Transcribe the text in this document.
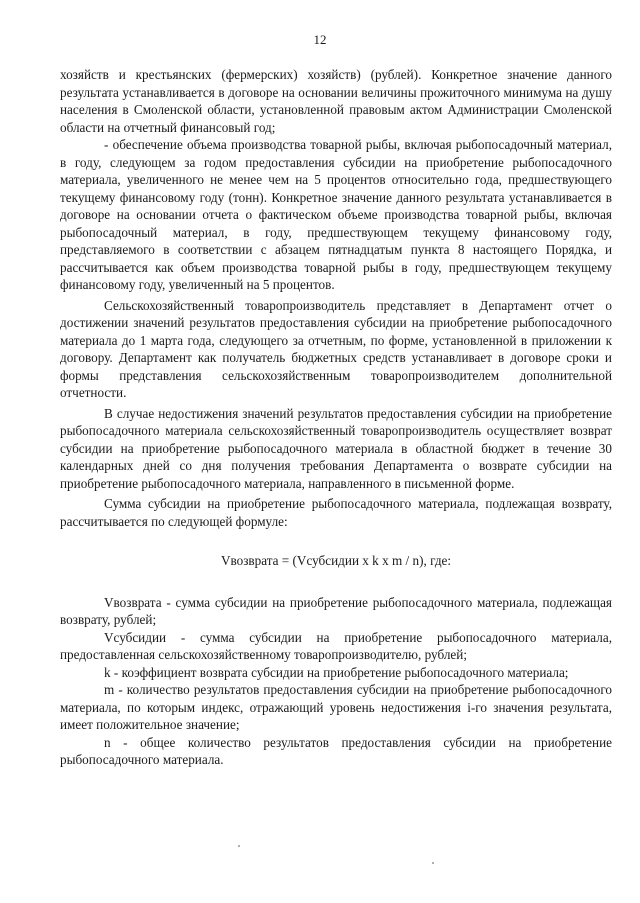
12

хозяйств и крестьянских (фермерских) хозяйств) (рублей). Конкретное значение данного результата устанавливается в договоре на основании величины прожиточного минимума на душу населения в Смоленской области, установленной правовым актом Администрации Смоленской области на отчетный финансовый год;

- обеспечение объема производства товарной рыбы, включая рыбопосадочный материал, в году, следующем за годом предоставления субсидии на приобретение рыбопосадочного материала, увеличенного не менее чем на 5 процентов относительно года, предшествующего текущему финансовому году (тонн). Конкретное значение данного результата устанавливается в договоре на основании отчета о фактическом объеме производства товарной рыбы, включая рыбопосадочный материал, в году, предшествующем текущему финансовому году, представляемого в соответствии с абзацем пятнадцатым пункта 8 настоящего Порядка, и рассчитывается как объем производства товарной рыбы в году, предшествующем текущему финансовому году, увеличенный на 5 процентов.

Сельскохозяйственный товаропроизводитель представляет в Департамент отчет о достижении значений результатов предоставления субсидии на приобретение рыбопосадочного материала до 1 марта года, следующего за отчетным, по форме, установленной в приложении к договору. Департамент как получатель бюджетных средств устанавливает в договоре сроки и формы представления сельскохозяйственным товаропроизводителем дополнительной отчетности.

В случае недостижения значений результатов предоставления субсидии на приобретение рыбопосадочного материала сельскохозяйственный товаропроизводитель осуществляет возврат субсидии на приобретение рыбопосадочного материала в областной бюджет в течение 30 календарных дней со дня получения требования Департамента о возврате субсидии на приобретение рыбопосадочного материала, направленного в письменной форме.

Сумма субсидии на приобретение рыбопосадочного материала, подлежащая возврату, рассчитывается по следующей формуле:

Vвозврата = (Vсубсидии x k x m / n), где:

Vвозврата - сумма субсидии на приобретение рыбопосадочного материала, подлежащая возврату, рублей;

Vсубсидии - сумма субсидии на приобретение рыбопосадочного материала, предоставленная сельскохозяйственному товаропроизводителю, рублей;

k - коэффициент возврата субсидии на приобретение рыбопосадочного материала;

m - количество результатов предоставления субсидии на приобретение рыбопосадочного материала, по которым индекс, отражающий уровень недостижения i-го значения результата, имеет положительное значение;

n - общее количество результатов предоставления субсидии на приобретение рыбопосадочного материала.
